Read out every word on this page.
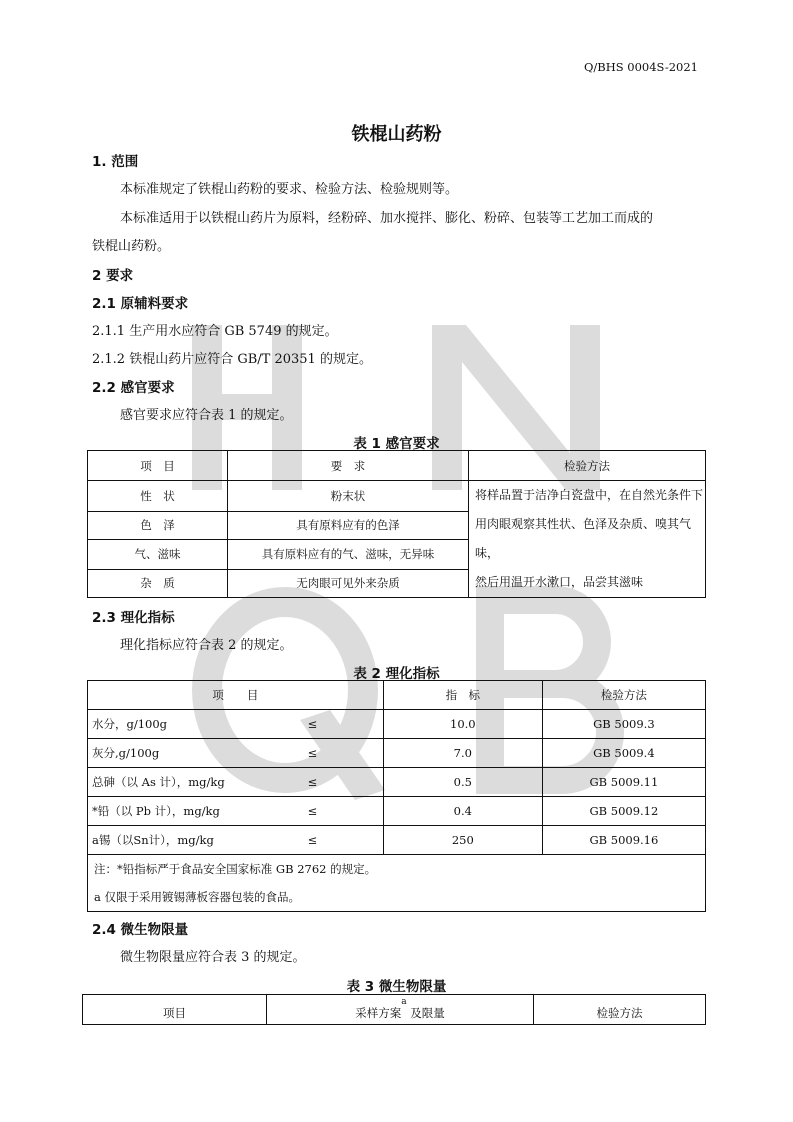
Q/BHS 0004S-2021
铁棍山药粉
1. 范围
本标准规定了铁棍山药粉的要求、检验方法、检验规则等。
本标准适用于以铁棍山药片为原料，经粉碎、加水搅拌、膨化、粉碎、包装等工艺加工而成的
铁棍山药粉。
2 要求
2.1 原辅料要求
2.1.1 生产用水应符合 GB 5749 的规定。
2.1.2 铁棍山药片应符合 GB/T 20351 的规定。
2.2 感官要求
感官要求应符合表 1 的规定。
表 1 感官要求
项　目	要　求	检验方法
性　状	粉末状	将样品置于洁净白瓷盘中，在自然光条件下
用肉眼观察其性状、色泽及杂质、嗅其气味，
然后用温开水漱口，品尝其滋味

色　泽	具有原料应有的色泽	
气、滋味	具有原料应有的气、滋味，无异味	
杂　质	无肉眼可见外来杂质	
2.3 理化指标
理化指标应符合表 2 的规定。
表 2 理化指标
项　　目		指　标	检验方法
水分，g/100g	≤	10.0	GB 5009.3
灰分,g/100g	≤	7.0	GB 5009.4
总砷（以 As 计），mg/kg	≤	0.5	GB 5009.11
*铅（以 Pb 计），mg/kg	≤	0.4	GB 5009.12
a锡（以Sn计），mg/kg	≤	250	GB 5009.16

注：*铅指标严于食品安全国家标准 GB 2762 的规定。
a 仅限于采用镀锡薄板容器包装的食品。			
2.4 微生物限量
微生物限量应符合表 3 的规定。
表 3 微生物限量
项目	采样方案$^a$ 及限量	检验方法
